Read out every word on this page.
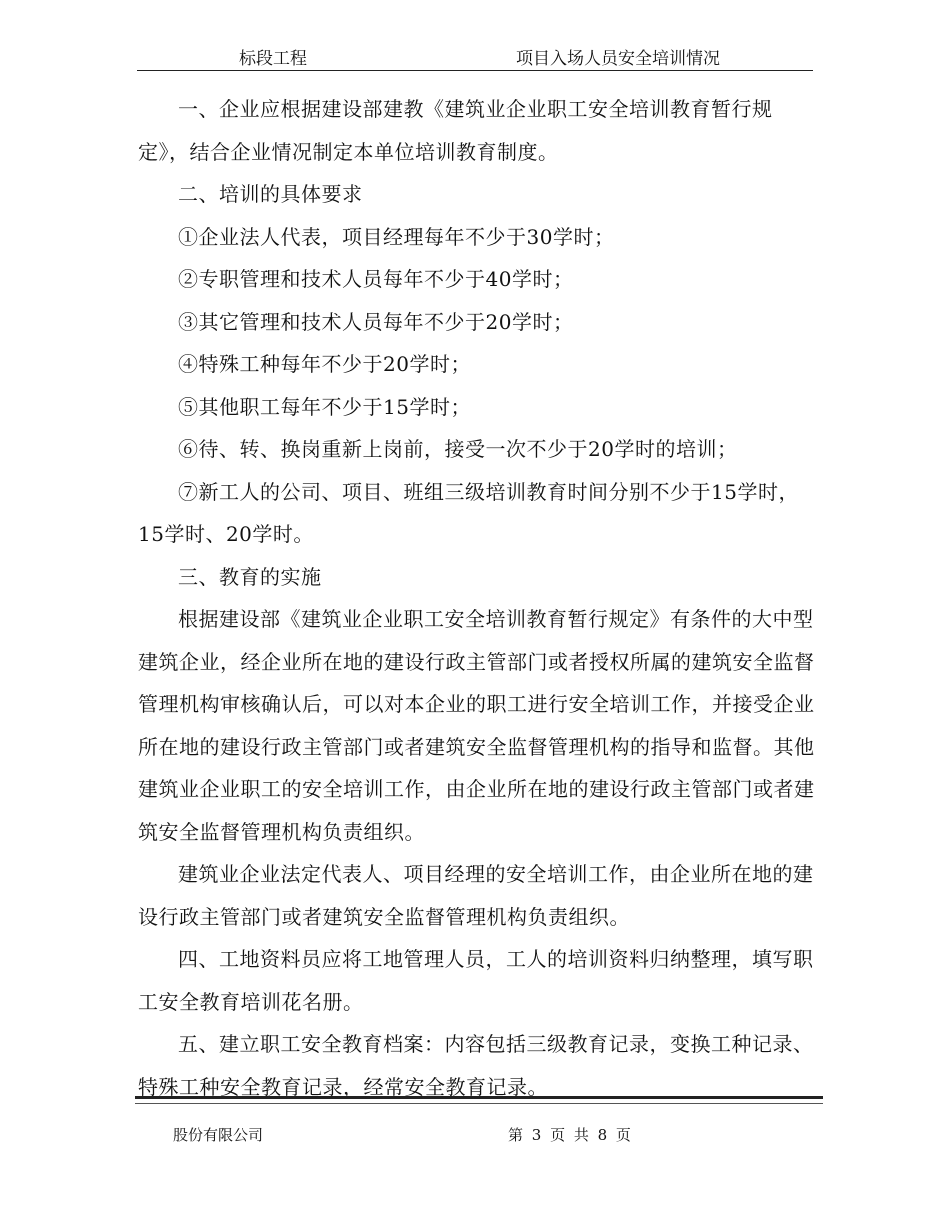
标段工程	项目入场人员安全培训情况

一、企业应根据建设部建教《建筑业企业职工安全培训教育暂行规定》，结合企业情况制定本单位培训教育制度。

二、培训的具体要求

①企业法人代表，项目经理每年不少于30学时；

②专职管理和技术人员每年不少于40学时；

③其它管理和技术人员每年不少于20学时；

④特殊工种每年不少于20学时；

⑤其他职工每年不少于15学时；

⑥待、转、换岗重新上岗前，接受一次不少于20学时的培训；

⑦新工人的公司、项目、班组三级培训教育时间分别不少于15学时，15学时、20学时。

三、教育的实施

根据建设部《建筑业企业职工安全培训教育暂行规定》有条件的大中型建筑企业，经企业所在地的建设行政主管部门或者授权所属的建筑安全监督管理机构审核确认后，可以对本企业的职工进行安全培训工作，并接受企业所在地的建设行政主管部门或者建筑安全监督管理机构的指导和监督。其他建筑业企业职工的安全培训工作，由企业所在地的建设行政主管部门或者建筑安全监督管理机构负责组织。

建筑业企业法定代表人、项目经理的安全培训工作，由企业所在地的建设行政主管部门或者建筑安全监督管理机构负责组织。

四、工地资料员应将工地管理人员，工人的培训资料归纳整理，填写职工安全教育培训花名册。

五、建立职工安全教育档案：内容包括三级教育记录，变换工种记录、特殊工种安全教育记录，经常安全教育记录。

股份有限公司	第 3 页 共 8 页
